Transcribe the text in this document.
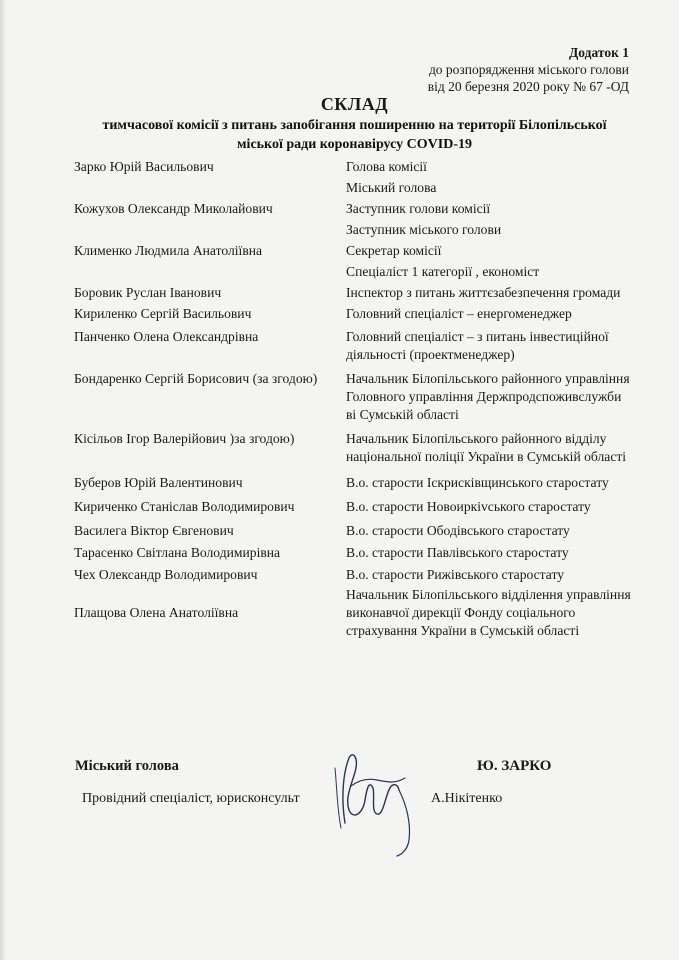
Додаток 1
до розпорядження міського голови
від 20 березня 2020 року № 67 -ОД
СКЛАД
тимчасової комісії з питань запобігання поширенню на території Білопільської
міської ради коронавірусу COVID-19
Зарко Юрій Васильович	Голова комісії
Міський голова
Кожухов Олександр Миколайович	Заступник голови комісії
Заступник міського голови
Клименко Людмила Анатоліївна	Секретар комісії
Спеціаліст 1 категорії , економіст
Боровик Руслан Іванович	Інспектор з питань життєзабезпечення громади
Кириленко Сергій Васильович	Головний спеціаліст – енергоменеджер
Панченко Олена Олександрівна	Головний спеціаліст – з питань інвестиційної діяльності (проектменеджер)
Бондаренко Сергій Борисович (за згодою)	Начальник Білопільського районного управління Головного управління Держпродспоживслужби ві Сумській області
Кісільов Ігор Валерійович )за згодою)	Начальник Білопільського районного відділу національної поліції України в Сумській області
Буберов Юрій Валентинович	В.о. старости Іскрисківщинського старостату
Кириченко Станіслав Володимирович	В.о. старости Новоиркіvського старостату
Василега Віктор Євгенович	В.о. старости Ободівського старостату
Тарасенко Світлана Володимирівна	В.о. старости Павлівського старостату
Чех Олександр Володимирович	В.о. старости Рижівського старостату
Плащова Олена Анатоліївна
Начальник Білопільського відділення управління виконавчої дирекції Фонду соціального страхування України в Сумській області
Міський голова	Ю. ЗАРКО
Провідний спеціаліст, юрисконсульт	А.Нікітенко
